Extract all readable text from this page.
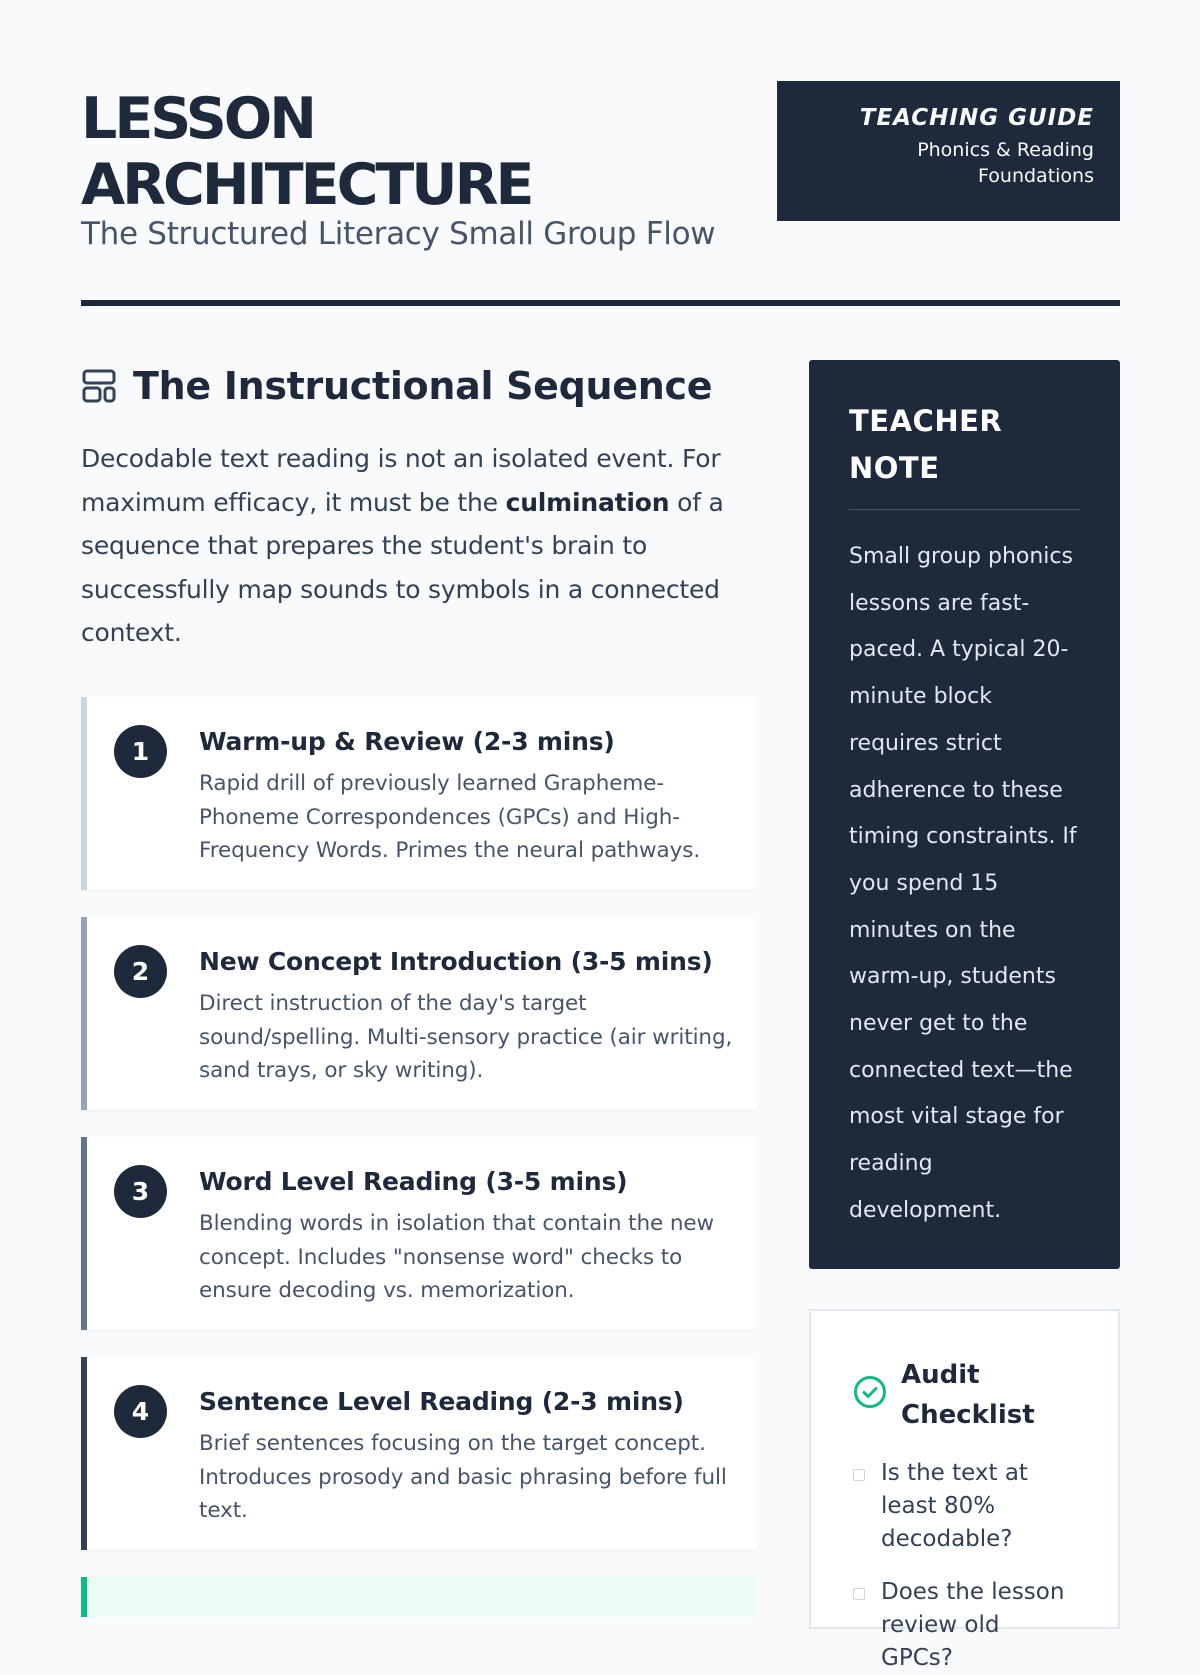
LESSON
ARCHITECTURE
The Structured Literacy Small Group Flow
TEACHING GUIDE
Phonics & Reading
Foundations
The Instructional Sequence

Decodable text reading is not an isolated event. For maximum efficacy, it must be the culmination of a sequence that prepares the student's brain to successfully map sounds to symbols in a connected context.

1	Warm-up & Review (2-3 mins)
Rapid drill of previously learned Grapheme-Phoneme Correspondences (GPCs) and High-Frequency Words. Primes the neural pathways.
2	New Concept Introduction (3-5 mins)
Direct instruction of the day's target sound/spelling. Multi-sensory practice (air writing, sand trays, or sky writing).
3	Word Level Reading (3-5 mins)
Blending words in isolation that contain the new concept. Includes "nonsense word" checks to ensure decoding vs. memorization.
4	Sentence Level Reading (2-3 mins)
Brief sentences focusing on the target concept. Introduces prosody and basic phrasing before full text.
TEACHER
NOTE
Small group phonics lessons are fast-paced. A typical 20-minute block requires strict adherence to these timing constraints. If you spend 15 minutes on the warm-up, students never get to the connected text—the most vital stage for reading development.
Audit Checklist
Is the text at least 80% decodable?
Does the lesson review old GPCs?
